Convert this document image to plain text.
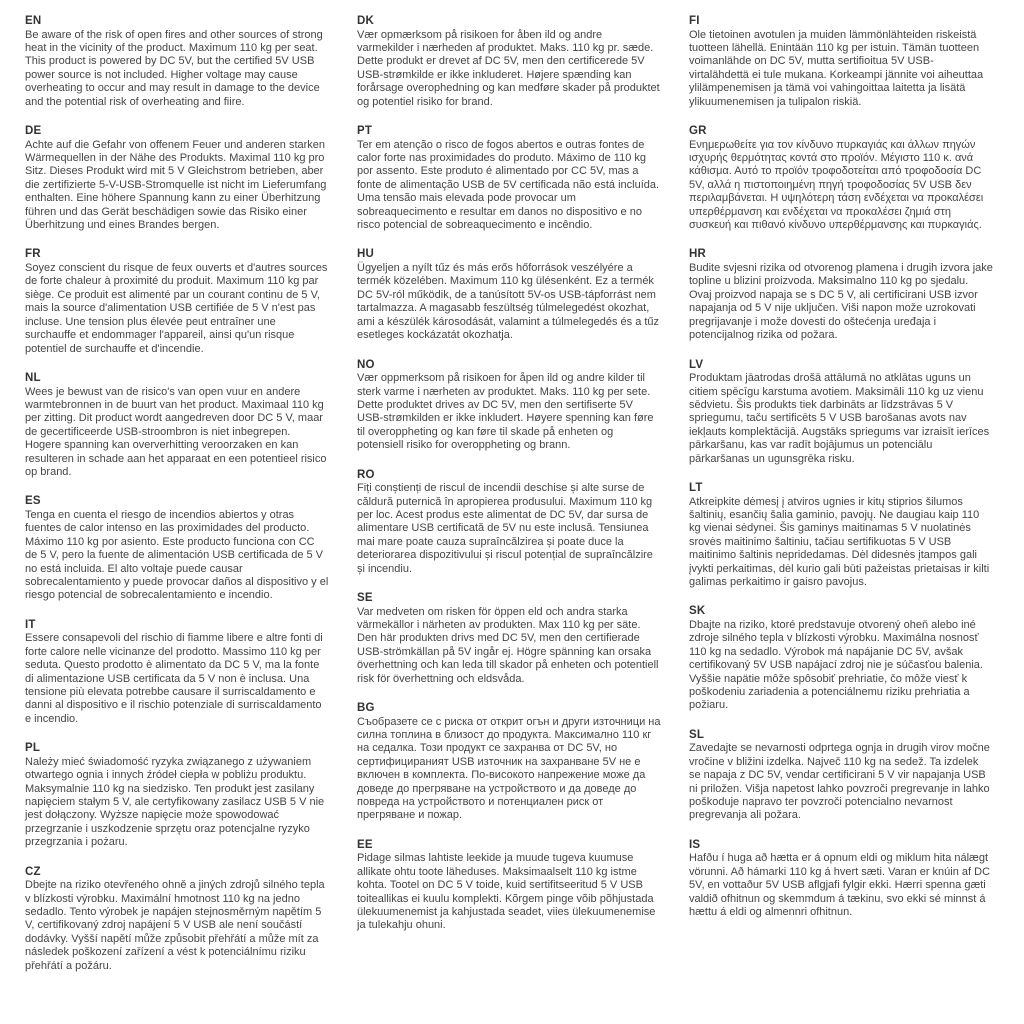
EN
Be aware of the risk of open fires and other sources of strong heat in the vicinity of the product. Maximum 110 kg per seat. This product is powered by DC 5V, but the certified 5V USB power source is not included. Higher voltage may cause overheating to occur and may result in damage to the device and the potential risk of overheating and fiire.
DE
Achte auf die Gefahr von offenem Feuer und anderen starken Wärmequellen in der Nähe des Produkts. Maximal 110 kg pro Sitz. Dieses Produkt wird mit 5 V Gleichstrom betrieben, aber die zertifizierte 5-V-USB-Stromquelle ist nicht im Lieferumfang enthalten. Eine höhere Spannung kann zu einer Überhitzung führen und das Gerät beschädigen sowie das Risiko einer Überhitzung und eines Brandes bergen.
FR
Soyez conscient du risque de feux ouverts et d'autres sources de forte chaleur à proximité du produit. Maximum 110 kg par siège. Ce produit est alimenté par un courant continu de 5 V, mais la source d'alimentation USB certifiée de 5 V n'est pas incluse. Une tension plus élevée peut entraîner une surchauffe et endommager l'appareil, ainsi qu'un risque potentiel de surchauffe et d'incendie.
NL
Wees je bewust van de risico's van open vuur en andere warmtebronnen in de buurt van het product. Maximaal 110 kg per zitting. Dit product wordt aangedreven door DC 5 V, maar de gecertificeerde USB-stroombron is niet inbegrepen. Hogere spanning kan oververhitting veroorzaken en kan resulteren in schade aan het apparaat en een potentieel risico op brand.
ES
Tenga en cuenta el riesgo de incendios abiertos y otras fuentes de calor intenso en las proximidades del producto. Máximo 110 kg por asiento. Este producto funciona con CC de 5 V, pero la fuente de alimentación USB certificada de 5 V no está incluida. El alto voltaje puede causar sobrecalentamiento y puede provocar daños al dispositivo y el riesgo potencial de sobrecalentamiento e incendio.
IT
Essere consapevoli del rischio di fiamme libere e altre fonti di forte calore nelle vicinanze del prodotto. Massimo 110 kg per seduta. Questo prodotto è alimentato da DC 5 V, ma la fonte di alimentazione USB certificata da 5 V non è inclusa. Una tensione più elevata potrebbe causare il surriscaldamento e danni al dispositivo e il rischio potenziale di surriscaldamento e incendio.
PL
Należy mieć świadomość ryzyka związanego z używaniem otwartego ognia i innych źródeł ciepła w pobliżu produktu. Maksymalnie 110 kg na siedzisko. Ten produkt jest zasilany napięciem stałym 5 V, ale certyfikowany zasilacz USB 5 V nie jest dołączony. Wyższe napięcie może spowodować przegrzanie i uszkodzenie sprzętu oraz potencjalne ryzyko przegrzania i pożaru.
CZ
Dbejte na riziko otevřeného ohně a jiných zdrojů silného tepla v blízkosti výrobku. Maximální hmotnost 110 kg na jedno sedadlo. Tento výrobek je napájen stejnosměrným napětím 5 V, certifikovaný zdroj napájení 5 V USB ale není součástí dodávky. Vyšší napětí může způsobit přehřátí a může mít za následek poškození zařízení a vést k potenciálnímu riziku přehřátí a požáru.
DK
Vær opmærksom på risikoen for åben ild og andre varmekilder i nærheden af produktet. Maks. 110 kg pr. sæde. Dette produkt er drevet af DC 5V, men den certificerede 5V USB-strømkilde er ikke inkluderet. Højere spænding kan forårsage overophedning og kan medføre skader på produktet og potentiel risiko for brand.
PT
Ter em atenção o risco de fogos abertos e outras fontes de calor forte nas proximidades do produto. Máximo de 110 kg por assento. Este produto é alimentado por CC 5V, mas a fonte de alimentação USB de 5V certificada não está incluída. Uma tensão mais elevada pode provocar um sobreaquecimento e resultar em danos no dispositivo e no risco potencial de sobreaquecimento e incêndio.
HU
Ügyeljen a nyílt tűz és más erős hőforrások veszélyére a termék közelében. Maximum 110 kg ülésenként. Ez a termék DC 5V-ról működik, de a tanúsított 5V-os USB-tápforrást nem tartalmazza. A magasabb feszültség túlmelegedést okozhat, ami a készülék károsodását, valamint a túlmelegedés és a tűz esetleges kockázatát okozhatja.
NO
Vær oppmerksom på risikoen for åpen ild og andre kilder til sterk varme i nærheten av produktet. Maks. 110 kg per sete. Dette produktet drives av DC 5V, men den sertifiserte 5V USB-strømkilden er ikke inkludert. Høyere spenning kan føre til overoppheting og kan føre til skade på enheten og potensiell risiko for overoppheting og brann.
RO
Fiți conștienți de riscul de incendii deschise și alte surse de căldură puternică în apropierea produsului. Maximum 110 kg per loc. Acest produs este alimentat de DC 5V, dar sursa de alimentare USB certificată de 5V nu este inclusă. Tensiunea mai mare poate cauza supraîncălzirea și poate duce la deteriorarea dispozitivului și riscul potențial de supraîncălzire și incendiu.
SE
Var medveten om risken för öppen eld och andra starka värmekällor i närheten av produkten. Max 110 kg per säte. Den här produkten drivs med DC 5V, men den certifierade USB-strömkällan på 5V ingår ej. Högre spänning kan orsaka överhettning och kan leda till skador på enheten och potentiell risk för överhettning och eldsvåda.
BG
Съобразете се с риска от открит огън и други източници на силна топлина в близост до продукта. Максимално 110 кг на седалка. Този продукт се захранва от DC 5V, но сертифицираният USB източник на захранване 5V не е включен в комплекта. По-високото напрежение може да доведе до прегряване на устройството и да доведе до повреда на устройството и потенциален риск от прегряване и пожар.
EE
Pidage silmas lahtiste leekide ja muude tugeva kuumuse allikate ohtu toote läheduses. Maksimaalselt 110 kg istme kohta. Tootel on DC 5 V toide, kuid sertifitseeritud 5 V USB toiteallikas ei kuulu komplekti. Kõrgem pinge võib põhjustada ülekuumenemist ja kahjustada seadet, viies ülekuumenemise ja tulekahju ohuni.
FI
Ole tietoinen avotulen ja muiden lämmönlähteiden riskeistä tuotteen lähellä. Enintään 110 kg per istuin. Tämän tuotteen voimanlähde on DC 5V, mutta sertifioitua 5V USB-virtalähdettä ei tule mukana. Korkeampi jännite voi aiheuttaa ylilämpenemisen ja tämä voi vahingoittaa laitetta ja lisätä ylikuumenemisen ja tulipalon riskiä.
GR
Ενημερωθείτε για τον κίνδυνο πυρκαγιάς και άλλων πηγών ισχυρής θερμότητας κοντά στο προϊόν. Μέγιστο 110 κ. ανά κάθισμα. Αυτό το προϊόν τροφοδοτείται από τροφοδοσία DC 5V, αλλά η πιστοποιημένη πηγή τροφοδοσίας 5V USB δεν περιλαμβάνεται. Η υψηλότερη τάση ενδέχεται να προκαλέσει υπερθέρμανση και ενδέχεται να προκαλέσει ζημιά στη συσκευή και πιθανό κίνδυνο υπερθέρμανσης και πυρκαγιάς.
HR
Budite svjesni rizika od otvorenog plamena i drugih izvora jake topline u blizini proizvoda. Maksimalno 110 kg po sjedalu. Ovaj proizvod napaja se s DC 5 V, ali certificirani USB izvor napajanja od 5 V nije uključen. Viši napon može uzrokovati pregrijavanje i može dovesti do oštećenja uređaja i potencijalnog rizika od požara.
LV
Produktam jāatrodas drošā attālumā no atklātas uguns un citiem spēcīgu karstuma avotiem. Maksimāli 110 kg uz vienu sēdvietu. Šis produkts tiek darbināts ar līdzstrāvas 5 V spriegumu, taču sertificēts 5 V USB barošanas avots nav iekļauts komplektācijā. Augstāks spriegums var izraisīt ierīces pārkaršanu, kas var radīt bojājumus un potenciālu pārkaršanas un ugunsgrēka risku.
LT
Atkreipkite dėmesį į atviros ugnies ir kitų stiprios šilumos šaltinių, esančių šalia gaminio, pavojų. Ne daugiau kaip 110 kg vienai sėdynei. Šis gaminys maitinamas 5 V nuolatinės srovės maitinimo šaltiniu, tačiau sertifikuotas 5 V USB maitinimo šaltinis nepridedamas. Dėl didesnės įtampos gali įvykti perkaitimas, dėl kurio gali būti pažeistas prietaisas ir kilti galimas perkaitimo ir gaisro pavojus.
SK
Dbajte na riziko, ktoré predstavuje otvorený oheň alebo iné zdroje silného tepla v blízkosti výrobku. Maximálna nosnosť 110 kg na sedadlo. Výrobok má napájanie DC 5V, avšak certifikovaný 5V USB napájací zdroj nie je súčasťou balenia. Vyššie napätie môže spôsobiť prehriatie, čo môže viesť k poškodeniu zariadenia a potenciálnemu riziku prehriatia a požiaru.
SL
Zavedajte se nevarnosti odprtega ognja in drugih virov močne vročine v bližini izdelka. Največ 110 kg na sedež. Ta izdelek se napaja z DC 5V, vendar certificirani 5 V vir napajanja USB ni priložen. Višja napetost lahko povzroči pregrevanje in lahko poškoduje napravo ter povzroči potencialno nevarnost pregrevanja ali požara.
IS
Hafðu í huga að hætta er á opnum eldi og miklum hita nálægt vörunni. Að hámarki 110 kg á hvert sæti. Varan er knúin af DC 5V, en vottaður 5V USB aflgjafi fylgir ekki. Hærri spenna gæti valdið ofhitnun og skemmdum á tækinu, svo ekki sé minnst á hættu á eldi og almennri ofhitnun.
